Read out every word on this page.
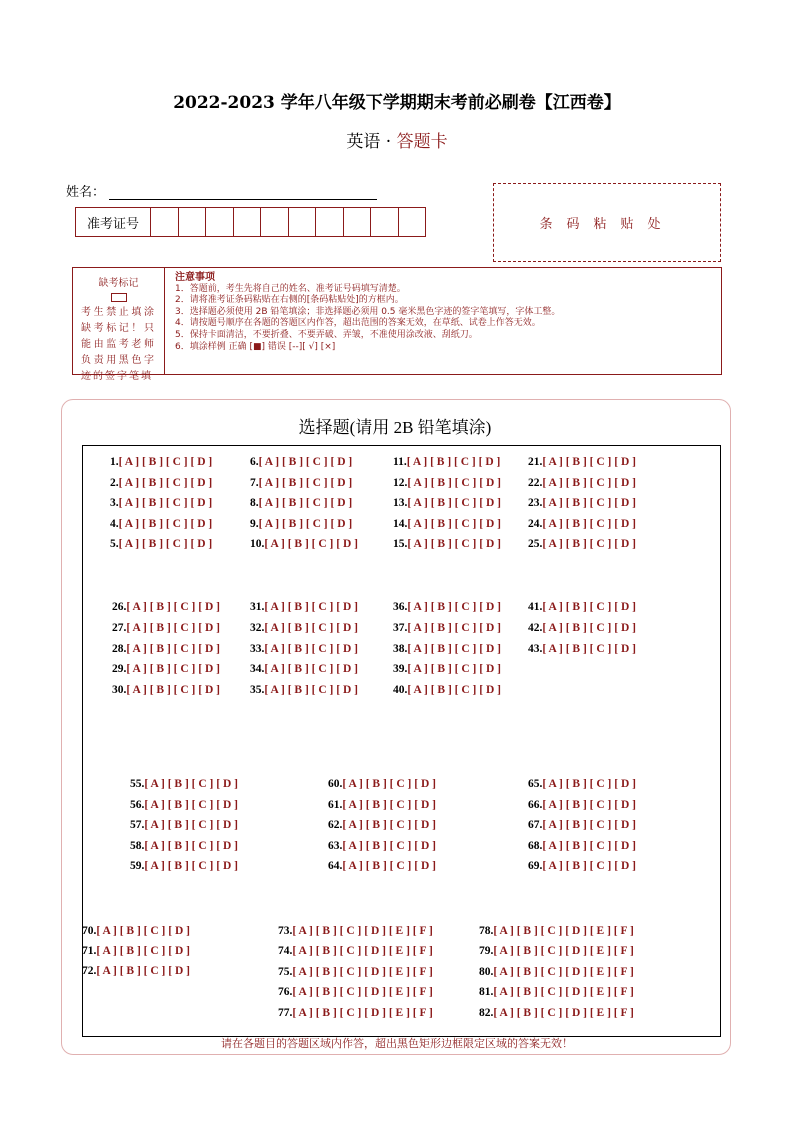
2022-2023 学年八年级下学期期末考前必刷卷【江西卷】
英语 · 答题卡
姓名：
准考证号	条码粘贴处
缺考标记
考生禁止填涂缺考标记！只能由监考老师负责用黑色字迹的签字笔填
注意事项
1．答题前，考生先将自己的姓名、准考证号码填写清楚。
2．请将准考证条码粘贴在右侧的[条码粘贴处]的方框内。
3．选择题必须使用 2B 铅笔填涂；非选择题必须用 0.5 毫米黑色字迹的签字笔填写，字体工整。
4．请按题号顺序在各题的答题区内作答，超出范围的答案无效，在草纸、试卷上作答无效。
5．保持卡面清洁，不要折叠、不要弄破、弄皱，不准使用涂改液、刮纸刀。
6．填涂样例 正确 [■] 错误 [--][ √] [×]
选择题(请用 2B 铅笔填涂)
1.[ A ] [ B ] [ C ] [ D ]
2.[ A ] [ B ] [ C ] [ D ]
3.[ A ] [ B ] [ C ] [ D ]
4.[ A ] [ B ] [ C ] [ D ]
5.[ A ] [ B ] [ C ] [ D ]
6.[ A ] [ B ] [ C ] [ D ]
7.[ A ] [ B ] [ C ] [ D ]
8.[ A ] [ B ] [ C ] [ D ]
9.[ A ] [ B ] [ C ] [ D ]
10.[ A ] [ B ] [ C ] [ D ]
11.[ A ] [ B ] [ C ] [ D ]
12.[ A ] [ B ] [ C ] [ D ]
13.[ A ] [ B ] [ C ] [ D ]
14.[ A ] [ B ] [ C ] [ D ]
15.[ A ] [ B ] [ C ] [ D ]
21.[ A ] [ B ] [ C ] [ D ]
22.[ A ] [ B ] [ C ] [ D ]
23.[ A ] [ B ] [ C ] [ D ]
24.[ A ] [ B ] [ C ] [ D ]
25.[ A ] [ B ] [ C ] [ D ]
26.[ A ] [ B ] [ C ] [ D ]
27.[ A ] [ B ] [ C ] [ D ]
28.[ A ] [ B ] [ C ] [ D ]
29.[ A ] [ B ] [ C ] [ D ]
30.[ A ] [ B ] [ C ] [ D ]
31.[ A ] [ B ] [ C ] [ D ]
32.[ A ] [ B ] [ C ] [ D ]
33.[ A ] [ B ] [ C ] [ D ]
34.[ A ] [ B ] [ C ] [ D ]
35.[ A ] [ B ] [ C ] [ D ]
36.[ A ] [ B ] [ C ] [ D ]
37.[ A ] [ B ] [ C ] [ D ]
38.[ A ] [ B ] [ C ] [ D ]
39.[ A ] [ B ] [ C ] [ D ]
40.[ A ] [ B ] [ C ] [ D ]
41.[ A ] [ B ] [ C ] [ D ]
42.[ A ] [ B ] [ C ] [ D ]
43.[ A ] [ B ] [ C ] [ D ]
55.[ A ] [ B ] [ C ] [ D ]
56.[ A ] [ B ] [ C ] [ D ]
57.[ A ] [ B ] [ C ] [ D ]
58.[ A ] [ B ] [ C ] [ D ]
59.[ A ] [ B ] [ C ] [ D ]
60.[ A ] [ B ] [ C ] [ D ]
61.[ A ] [ B ] [ C ] [ D ]
62.[ A ] [ B ] [ C ] [ D ]
63.[ A ] [ B ] [ C ] [ D ]
64.[ A ] [ B ] [ C ] [ D ]
65.[ A ] [ B ] [ C ] [ D ]
66.[ A ] [ B ] [ C ] [ D ]
67.[ A ] [ B ] [ C ] [ D ]
68.[ A ] [ B ] [ C ] [ D ]
69.[ A ] [ B ] [ C ] [ D ]
70.[ A ] [ B ] [ C ] [ D ]
71.[ A ] [ B ] [ C ] [ D ]
72.[ A ] [ B ] [ C ] [ D ]
73.[ A ] [ B ] [ C ] [ D ] [ E ] [ F ]
74.[ A ] [ B ] [ C ] [ D ] [ E ] [ F ]
75.[ A ] [ B ] [ C ] [ D ] [ E ] [ F ]
76.[ A ] [ B ] [ C ] [ D ] [ E ] [ F ]
77.[ A ] [ B ] [ C ] [ D ] [ E ] [ F ]
78.[ A ] [ B ] [ C ] [ D ] [ E ] [ F ]
79.[ A ] [ B ] [ C ] [ D ] [ E ] [ F ]
80.[ A ] [ B ] [ C ] [ D ] [ E ] [ F ]
81.[ A ] [ B ] [ C ] [ D ] [ E ] [ F ]
82.[ A ] [ B ] [ C ] [ D ] [ E ] [ F ]
请在各题目的答题区域内作答，超出黑色矩形边框限定区域的答案无效！
